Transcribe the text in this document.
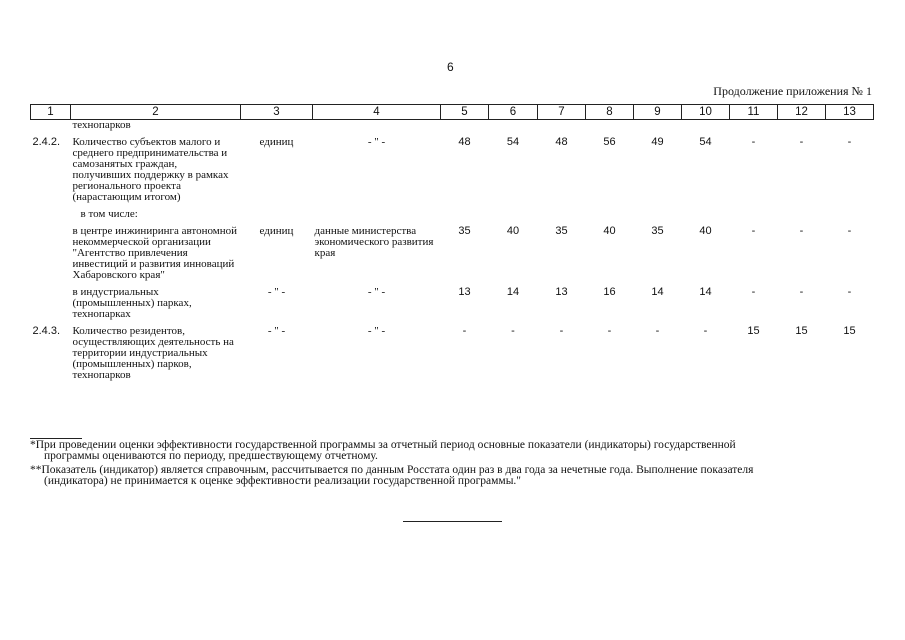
6
Продолжение приложения № 1
1	2	3	4	5	6	7	8	9	10	11	12	13
	технопарков											

2.4.2.	Количество субъектов малого и среднего предпринимательства и самозанятых граждан, получивших поддержку в рамках регионального проекта (нарастающим итогом)	единиц	- " -	48	54	48	56	49	54	-	-	-

	в том числе:											

	в центре инжиниринга автономной некоммерческой организации "Агентство привлечения инвестиций и развития инноваций Хабаровского края"	единиц	данные министерства экономического развития края	35	40	35	40	35	40	-	-	-

	в индустриальных (промышленных) парках, технопарках	- " -	- " -	13	14	13	16	14	14	-	-	-

2.4.3.	Количество резидентов, осуществляющих деятельность на территории индустриальных (промышленных) парков, технопарков	- " -	- " -	-	-	-	-	-	-	15	15	15
*При проведении оценки эффективности государственной программы за отчетный период основные показатели (индикаторы) государственной
программы оцениваются по периоду, предшествующему отчетному.
**Показатель (индикатор) является справочным, рассчитывается по данным Росстата один раз в два года за нечетные года. Выполнение показателя
(индикатора) не принимается к оценке эффективности реализации государственной программы."
